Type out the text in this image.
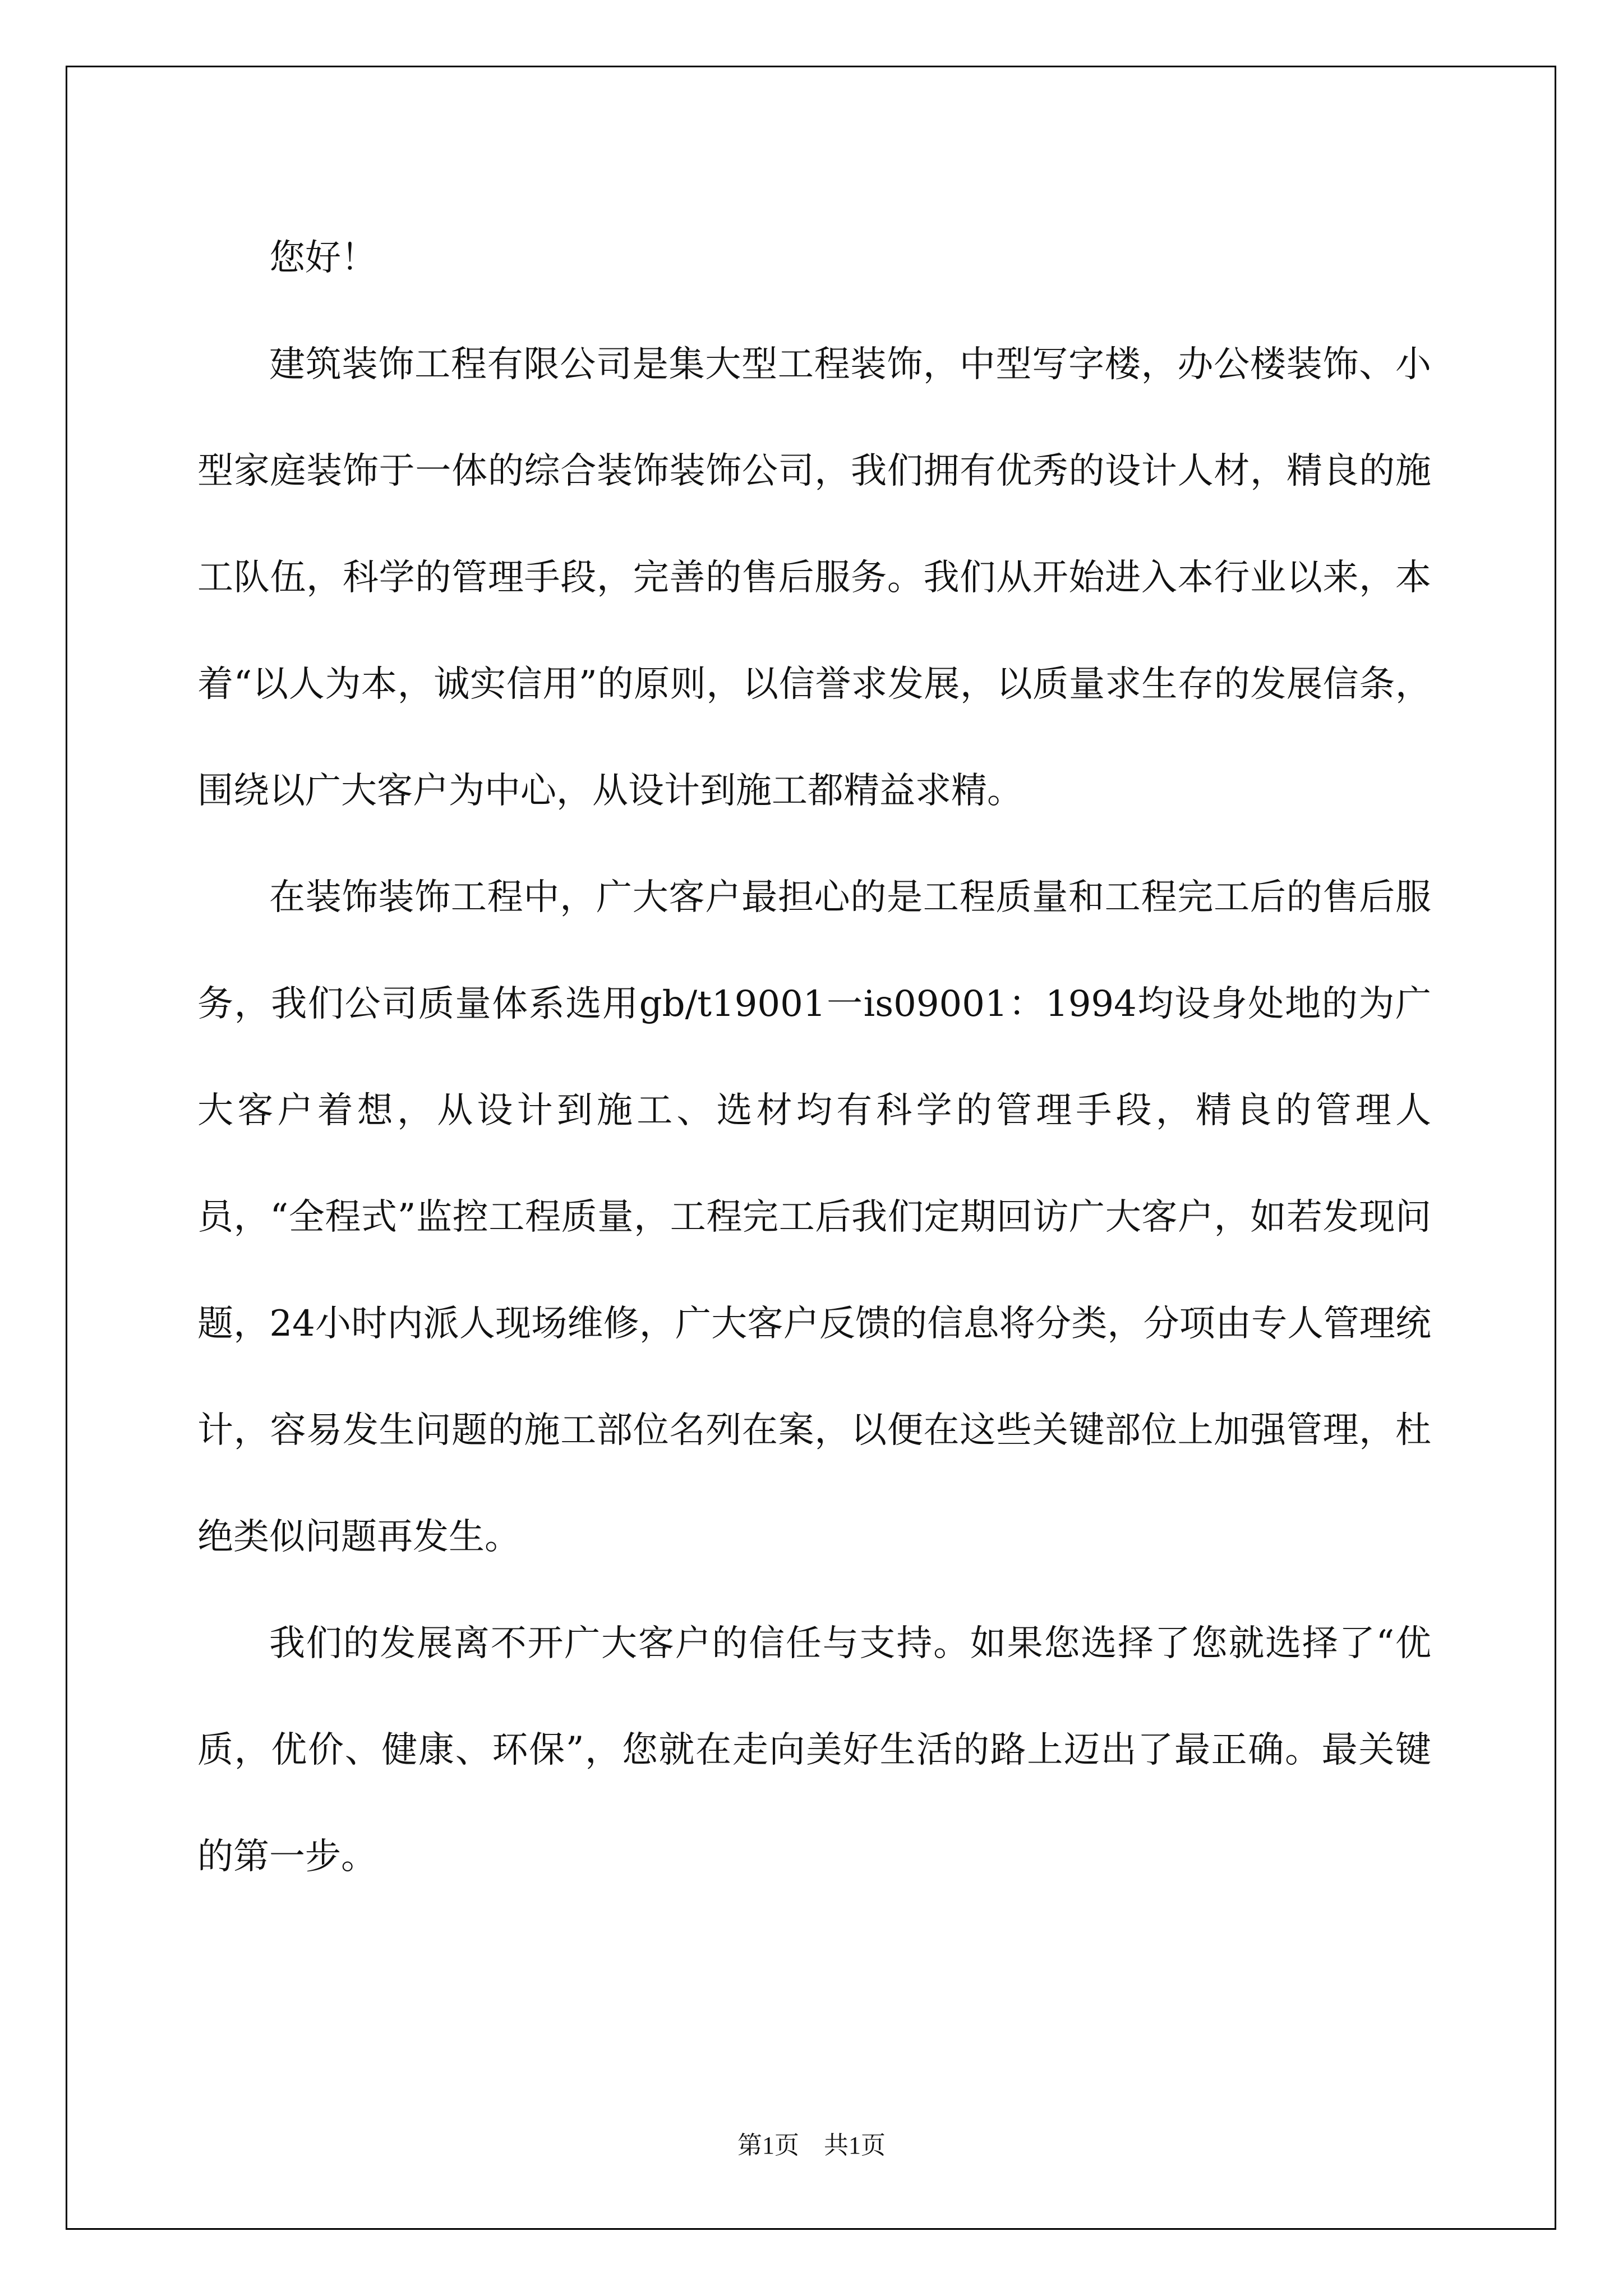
您好！

建筑装饰工程有限公司是集大型工程装饰，中型写字楼，办公楼装饰、小型家庭装饰于一体的综合装饰装饰公司，我们拥有优秀的设计人材，精良的施工队伍，科学的管理手段，完善的售后服务。我们从开始进入本行业以来，本着“以人为本，诚实信用”的原则，以信誉求发展，以质量求生存的发展信条，围绕以广大客户为中心，从设计到施工都精益求精。

在装饰装饰工程中，广大客户最担心的是工程质量和工程完工后的售后服务，我们公司质量体系选用gb/t19001一is09001：1994均设身处地的为广大客户着想，从设计到施工、选材均有科学的管理手段，精良的管理人员，“全程式”监控工程质量，工程完工后我们定期回访广大客户，如若发现问题，24小时内派人现场维修，广大客户反馈的信息将分类，分项由专人管理统计，容易发生问题的施工部位名列在案，以便在这些关键部位上加强管理，杜绝类似问题再发生。

我们的发展离不开广大客户的信任与支持。如果您选择了您就选择了“优质，优价、健康、环保”，您就在走向美好生活的路上迈出了最正确。最关键的第一步。

第1页　共1页
